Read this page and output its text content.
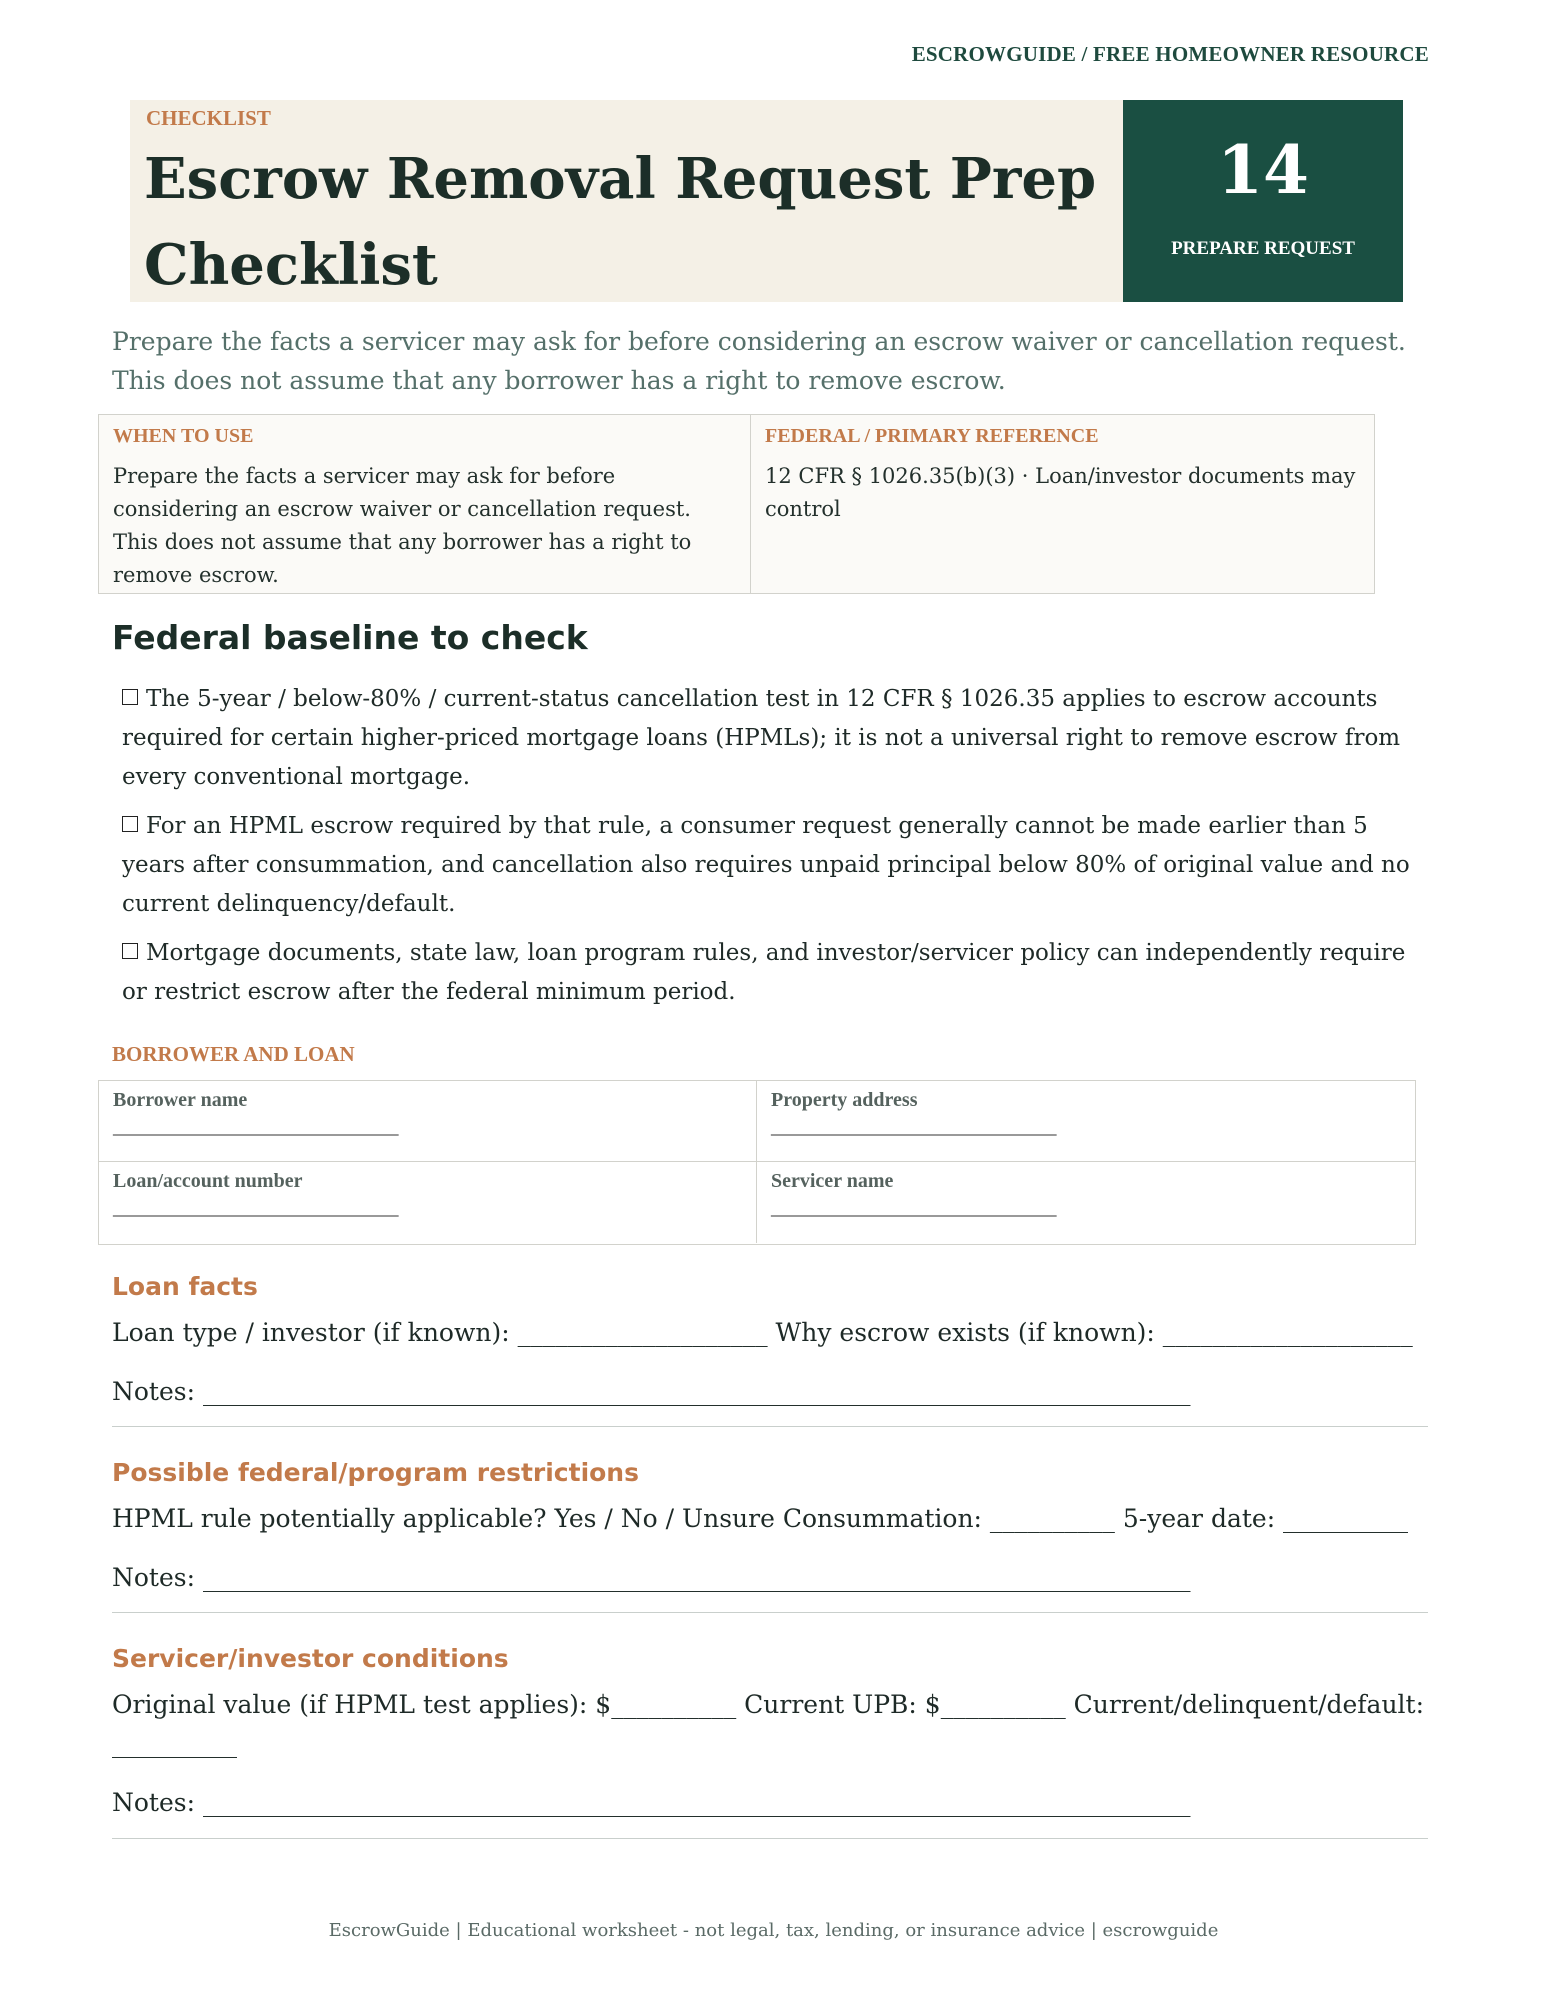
ESCROWGUIDE / FREE HOMEOWNER RESOURCE
CHECKLIST
Escrow Removal Request Prep Checklist
14
PREPARE REQUEST
Prepare the facts a servicer may ask for before considering an escrow waiver or cancellation request. This does not assume that any borrower has a right to remove escrow.
WHEN TO USE
Prepare the facts a servicer may ask for before considering an escrow waiver or cancellation request. This does not assume that any borrower has a right to remove escrow.
FEDERAL / PRIMARY REFERENCE
12 CFR § 1026.35(b)(3) · Loan/investor documents may control
Federal baseline to check
The 5-year / below-80% / current-status cancellation test in 12 CFR § 1026.35 applies to escrow accounts required for certain higher-priced mortgage loans (HPMLs); it is not a universal right to remove escrow from every conventional mortgage.
For an HPML escrow required by that rule, a consumer request generally cannot be made earlier than 5 years after consummation, and cancellation also requires unpaid principal below 80% of original value and no current delinquency/default.
Mortgage documents, state law, loan program rules, and investor/servicer policy can independently require or restrict escrow after the federal minimum period.
BORROWER AND LOAN
Borrower name
______________________________
Property address
______________________________
Loan/account number
______________________________
Servicer name
______________________________
Loan facts
Loan type / investor (if known): ____________________ Why escrow exists (if known): ____________________
Notes: _______________________________________________________________________________
Possible federal/program restrictions
HPML rule potentially applicable? Yes / No / Unsure Consummation: __________ 5-year date: __________
Notes: _______________________________________________________________________________
Servicer/investor conditions
Original value (if HPML test applies): $__________ Current UPB: $__________ Current/delinquent/default: __________
Notes: _______________________________________________________________________________
EscrowGuide | Educational worksheet - not legal, tax, lending, or insurance advice | escrowguide
